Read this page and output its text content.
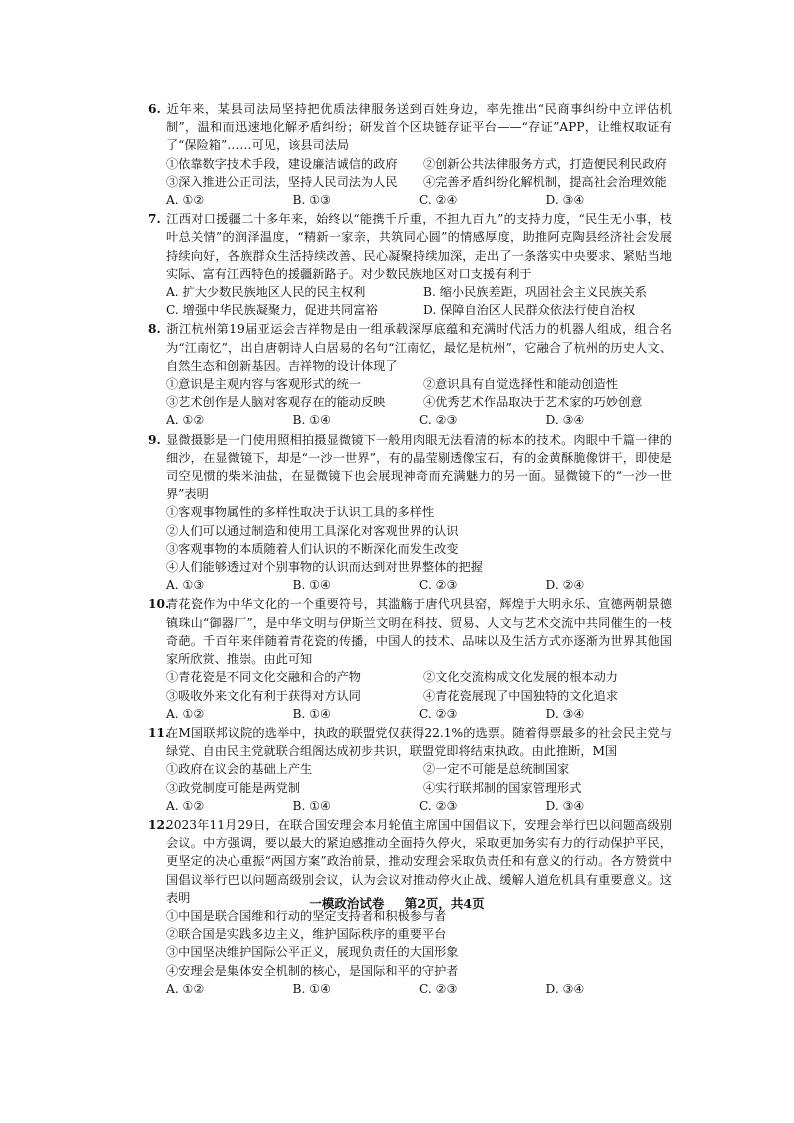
6. 近年来，某县司法局坚持把优质法律服务送到百姓身边，率先推出“民商事纠纷中立评估机制”，温和而迅速地化解矛盾纠纷；研发首个区块链存证平台——“存证”APP，让维权取证有了“保险箱”……可见，该县司法局
①依靠数字技术手段，建设廉洁诚信的政府	②创新公共法律服务方式，打造便民利民政府
③深入推进公正司法，坚持人民司法为人民	④完善矛盾纠纷化解机制，提高社会治理效能
A. ①②	B. ①③	C. ②④	D. ③④
7. 江西对口援疆二十多年来，始终以“能携千斤重，不担九百九”的支持力度，“民生无小事，枝叶总关情”的润泽温度，“精新一家亲，共筑同心圆”的情感厚度，助推阿克陶县经济社会发展持续向好，各族群众生活持续改善、民心凝聚持续加深，走出了一条落实中央要求、紧贴当地实际、富有江西特色的援疆新路子。对少数民族地区对口支援有利于
A. 扩大少数民族地区人民的民主权利	B. 缩小民族差距，巩固社会主义民族关系
C. 增强中华民族凝聚力，促进共同富裕	D. 保障自治区人民群众依法行使自治权
8. 浙江杭州第19届亚运会吉祥物是由一组承载深厚底蕴和充满时代活力的机器人组成，组合名为“江南忆”，出自唐朝诗人白居易的名句“江南忆，最忆是杭州”，它融合了杭州的历史人文、自然生态和创新基因。吉祥物的设计体现了
①意识是主观内容与客观形式的统一	②意识具有自觉选择性和能动创造性
③艺术创作是人脑对客观存在的能动反映	④优秀艺术作品取决于艺术家的巧妙创意
A. ①②	B. ①④	C. ②③	D. ③④
9. 显微摄影是一门使用照相拍摄显微镜下一般用肉眼无法看清的标本的技术。肉眼中千篇一律的细沙，在显微镜下，却是“一沙一世界”，有的晶莹剔透像宝石，有的金黄酥脆像饼干，即使是司空见惯的柴米油盐，在显微镜下也会展现神奇而充满魅力的另一面。显微镜下的“一沙一世界”表明
①客观事物属性的多样性取决于认识工具的多样性
②人们可以通过制造和使用工具深化对客观世界的认识
③客观事物的本质随着人们认识的不断深化而发生改变
④人们能够透过对个别事物的认识而达到对世界整体的把握
A. ①③	B. ①④	C. ②③	D. ②④
10.青花瓷作为中华文化的一个重要符号，其滥觞于唐代巩县窑，辉煌于大明永乐、宣德两朝景德镇珠山“御器厂”，是中华文明与伊斯兰文明在科技、贸易、人文与艺术交流中共同催生的一枝奇葩。千百年来伴随着青花瓷的传播，中国人的技术、品味以及生活方式亦逐渐为世界其他国家所欣赏、推崇。由此可知
①青花瓷是不同文化交融和合的产物	②文化交流构成文化发展的根本动力
③吸收外来文化有利于获得对方认同	④青花瓷展现了中国独特的文化追求
A. ①②	B. ①④	C. ②③	D. ③④
11.在M国联邦议院的选举中，执政的联盟党仅获得22.1%的选票。随着得票最多的社会民主党与绿党、自由民主党就联合组阁达成初步共识，联盟党即将结束执政。由此推断，M国
①政府在议会的基础上产生	②一定不可能是总统制国家
③政党制度可能是两党制	④实行联邦制的国家管理形式
A. ①②	B. ①④	C. ②③	D. ③④
12.2023年11月29日，在联合国安理会本月轮值主席国中国倡议下，安理会举行巴以问题高级别会议。中方强调，要以最大的紧迫感推动全面持久停火，采取更加务实有力的行动保护平民，更坚定的决心重振“两国方案”政治前景，推动安理会采取负责任和有意义的行动。各方赞赏中国倡议举行巴以问题高级别会议，认为会议对推动停火止战、缓解人道危机具有重要意义。这表明
①中国是联合国维和行动的坚定支持者和积极参与者
②联合国是实践多边主义，维护国际秩序的重要平台
③中国坚决维护国际公平正义，展现负责任的大国形象
④安理会是集体安全机制的核心，是国际和平的守护者
A. ①②	B. ①④	C. ②③	D. ③④
一模政治试卷 第2页，共4页
